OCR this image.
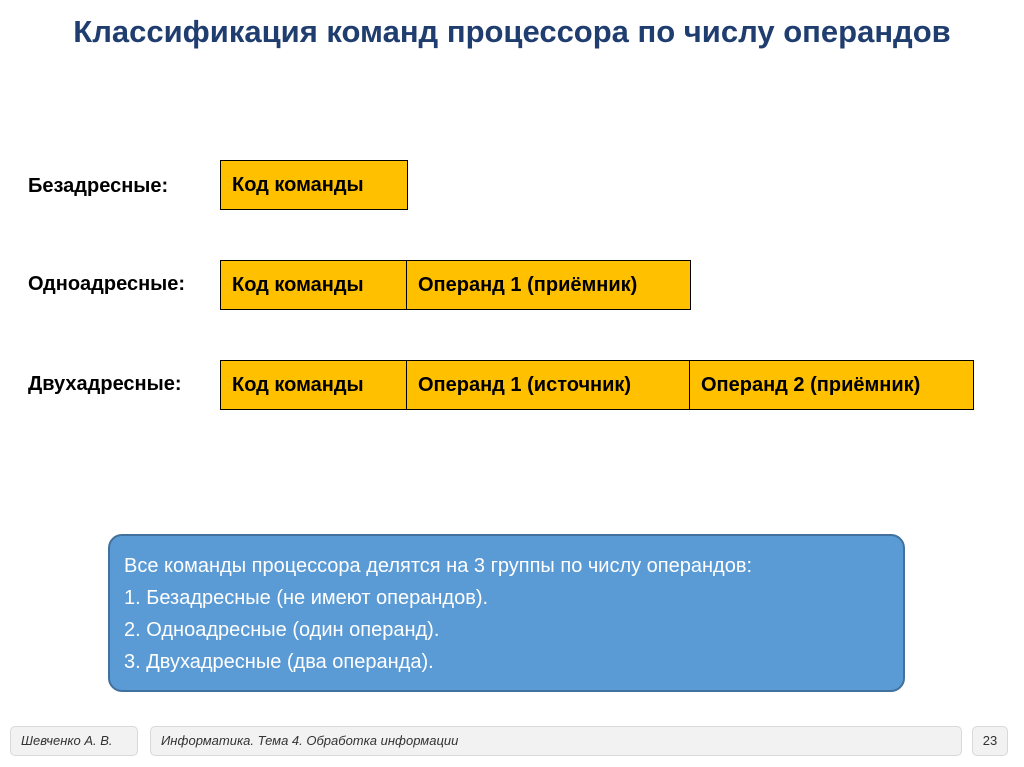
Классификация команд процессора по числу операндов
Безадресные:	Код команды
Одноадресные:	Код команды	Операнд 1 (приёмник)
Двухадресные:	Код команды	Операнд 1 (источник)	Операнд 2 (приёмник)
Все команды процессора делятся на 3 группы по числу операндов:
1. Безадресные (не имеют операндов).
2. Одноадресные (один операнд).
3. Двухадресные (два операнда).
Шевченко А. В.	Информатика. Тема 4. Обработка информации	23
